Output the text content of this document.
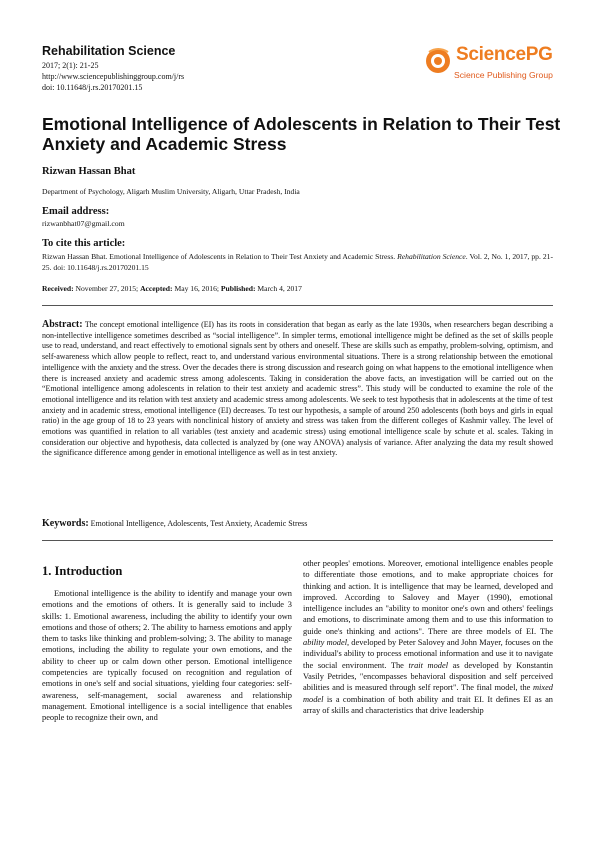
Rehabilitation Science
2017; 2(1): 21-25
http://www.sciencepublishinggroup.com/j/rs
doi: 10.11648/j.rs.20170201.15
SciencePG
Science Publishing Group
Emotional Intelligence of Adolescents in Relation to Their Test Anxiety and Academic Stress
Rizwan Hassan Bhat
Department of Psychology, Aligarh Muslim University, Aligarh, Uttar Pradesh, India
Email address:
rizwanbhat07@gmail.com
To cite this article:
Rizwan Hassan Bhat. Emotional Intelligence of Adolescents in Relation to Their Test Anxiety and Academic Stress. Rehabilitation Science. Vol. 2, No. 1, 2017, pp. 21-25. doi: 10.11648/j.rs.20170201.15
Received: November 27, 2015; Accepted: May 16, 2016; Published: March 4, 2017

Abstract: The concept emotional intelligence (EI) has its roots in consideration that began as early as the late 1930s, when researchers began describing a non-intellective intelligence sometimes described as “social intelligence”. In simpler terms, emotional intelligence might be defined as the set of skills people use to read, understand, and react effectively to emotional signals sent by others and oneself. These are skills such as empathy, problem-solving, optimism, and self-awareness which allow people to reflect, react to, and understand various environmental situations. There is a strong relationship between the emotional intelligence with the anxiety and the stress. Over the decades there is strong discussion and research going on what happens to the emotional intelligence when there is increased anxiety and academic stress among adolescents. Taking in consideration the above facts, an investigation will be carried out on the “Emotional intelligence among adolescents in relation to their test anxiety and academic stress”. This study will be conducted to examine the role of the emotional intelligence and its relation with test anxiety and academic stress among adolescents. We seek to test hypothesis that in adolescents at the time of test anxiety and in academic stress, emotional intelligence (EI) decreases. To test our hypothesis, a sample of around 250 adolescents (both boys and girls in equal ratio) in the age group of 18 to 23 years with nonclinical history of anxiety and stress was taken from the different colleges of Kashmir valley. The level of emotions was quantified in relation to all variables (test anxiety and academic stress) using emotional intelligence scale by schute et al. scales. Taking in consideration our objective and hypothesis, data collected is analyzed by (one way ANOVA) analysis of variance. After analyzing the data my result showed the significance difference among gender in emotional intelligence as well as in test anxiety.

Keywords: Emotional Intelligence, Adolescents, Test Anxiety, Academic Stress
1. Introduction

Emotional intelligence is the ability to identify and manage your own emotions and the emotions of others. It is generally said to include 3 skills: 1. Emotional awareness, including the ability to identify your own emotions and those of others; 2. The ability to harness emotions and apply them to tasks like thinking and problem-solving; 3. The ability to manage emotions, including the ability to regulate your own emotions, and the ability to cheer up or calm down other person. Emotional intelligence competencies are typically focused on recognition and regulation of emotions in one's self and social situations, yielding four categories: self-awareness, self-management, social awareness and relationship management. Emotional intelligence is a social intelligence that enables people to recognize their own, and

other peoples' emotions. Moreover, emotional intelligence enables people to differentiate those emotions, and to make appropriate choices for thinking and action. It is intelligence that may be learned, developed and improved. According to Salovey and Mayer (1990), emotional intelligence includes an "ability to monitor one's own and others' feelings and emotions, to discriminate among them and to use this information to guide one's thinking and actions". There are three models of EI. The ability model, developed by Peter Salovey and John Mayer, focuses on the individual's ability to process emotional information and use it to navigate the social environment. The trait model as developed by Konstantin Vasily Petrides, "encompasses behavioral disposition and self perceived abilities and is measured through self report". The final model, the mixed model is a combination of both ability and trait EI. It defines EI as an array of skills and characteristics that drive leadership
